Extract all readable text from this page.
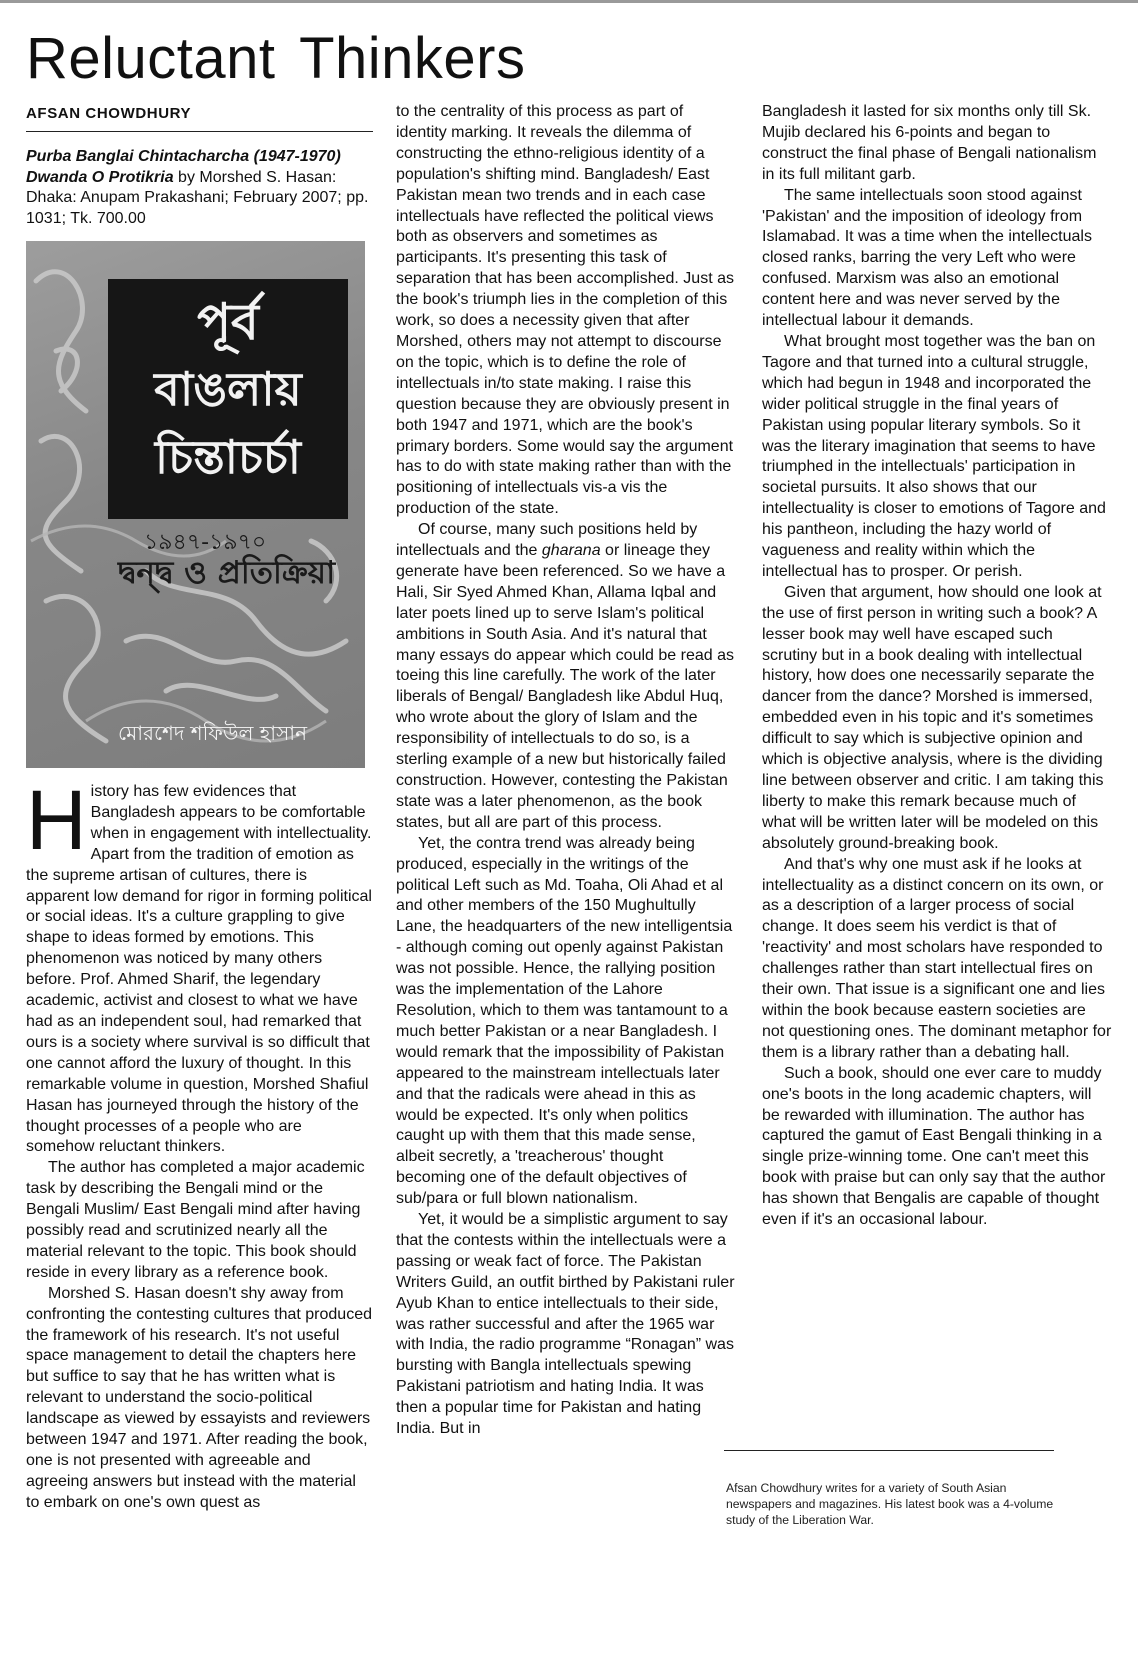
Reluctant Thinkers
AFSAN CHOWDHURY
Purba Banglai Chintacharcha (1947-1970) Dwanda O Protikria by Morshed S. Hasan: Dhaka: Anupam Prakashani; February 2007; pp. 1031; Tk. 700.00
পূর্ব
বাঙলায়
চিন্তাচর্চা
১৯৪৭-১৯৭০
দ্বন্দ্ব ও প্রতিক্রিয়া
মোরশেদ শফিউল হাসান

History has few evidences that Bangladesh appears to be comfortable when in engagement with intellectuality. Apart from the tradition of emotion as the supreme artisan of cultures, there is apparent low demand for rigor in forming political or social ideas. It's a culture grappling to give shape to ideas formed by emotions. This phenomenon was noticed by many others before. Prof. Ahmed Sharif, the legendary academic, activist and closest to what we have had as an independent soul, had remarked that ours is a society where survival is so difficult that one cannot afford the luxury of thought. In this remarkable volume in question, Morshed Shafiul Hasan has journeyed through the history of the thought processes of a people who are somehow reluctant thinkers.

The author has completed a major academic task by describing the Bengali mind or the Bengali Muslim/ East Bengali mind after having possibly read and scrutinized nearly all the material relevant to the topic. This book should reside in every library as a reference book.

Morshed S. Hasan doesn't shy away from confronting the contesting cultures that produced the framework of his research. It's not useful space management to detail the chapters here but suffice to say that he has written what is relevant to understand the socio-political landscape as viewed by essayists and reviewers between 1947 and 1971. After reading the book, one is not presented with agreeable and agreeing answers but instead with the material to embark on one's own quest as

to the centrality of this process as part of identity marking. It reveals the dilemma of constructing the ethno-religious identity of a population's shifting mind. Bangladesh/ East Pakistan mean two trends and in each case intellectuals have reflected the political views both as observers and sometimes as participants. It's presenting this task of separation that has been accomplished. Just as the book's triumph lies in the completion of this work, so does a necessity given that after Morshed, others may not attempt to discourse on the topic, which is to define the role of intellectuals in/to state making. I raise this question because they are obviously present in both 1947 and 1971, which are the book's primary borders. Some would say the argument has to do with state making rather than with the positioning of intellectuals vis-a vis the production of the state.

Of course, many such positions held by intellectuals and the gharana or lineage they generate have been referenced. So we have a Hali, Sir Syed Ahmed Khan, Allama Iqbal and later poets lined up to serve Islam's political ambitions in South Asia. And it's natural that many essays do appear which could be read as toeing this line carefully. The work of the later liberals of Bengal/ Bangladesh like Abdul Huq, who wrote about the glory of Islam and the responsibility of intellectuals to do so, is a sterling example of a new but historically failed construction. However, contesting the Pakistan state was a later phenomenon, as the book states, but all are part of this process.

Yet, the contra trend was already being produced, especially in the writings of the political Left such as Md. Toaha, Oli Ahad et al and other members of the 150 Mughultully Lane, the headquarters of the new intelligentsia - although coming out openly against Pakistan was not possible. Hence, the rallying position was the implementation of the Lahore Resolution, which to them was tantamount to a much better Pakistan or a near Bangladesh. I would remark that the impossibility of Pakistan appeared to the mainstream intellectuals later and that the radicals were ahead in this as would be expected. It's only when politics caught up with them that this made sense, albeit secretly, a 'treacherous' thought becoming one of the default objectives of sub/para or full blown nationalism.

Yet, it would be a simplistic argument to say that the contests within the intellectuals were a passing or weak fact of force. The Pakistan Writers Guild, an outfit birthed by Pakistani ruler Ayub Khan to entice intellectuals to their side, was rather successful and after the 1965 war with India, the radio programme “Ronagan” was bursting with Bangla intellectuals spewing Pakistani patriotism and hating India. It was then a popular time for Pakistan and hating India. But in

Bangladesh it lasted for six months only till Sk. Mujib declared his 6-points and began to construct the final phase of Bengali nationalism in its full militant garb.

The same intellectuals soon stood against 'Pakistan' and the imposition of ideology from Islamabad. It was a time when the intellectuals closed ranks, barring the very Left who were confused. Marxism was also an emotional content here and was never served by the intellectual labour it demands.

What brought most together was the ban on Tagore and that turned into a cultural struggle, which had begun in 1948 and incorporated the wider political struggle in the final years of Pakistan using popular literary symbols. So it was the literary imagination that seems to have triumphed in the intellectuals' participation in societal pursuits. It also shows that our intellectuality is closer to emotions of Tagore and his pantheon, including the hazy world of vagueness and reality within which the intellectual has to prosper. Or perish.

Given that argument, how should one look at the use of first person in writing such a book? A lesser book may well have escaped such scrutiny but in a book dealing with intellectual history, how does one necessarily separate the dancer from the dance? Morshed is immersed, embedded even in his topic and it's sometimes difficult to say which is subjective opinion and which is objective analysis, where is the dividing line between observer and critic. I am taking this liberty to make this remark because much of what will be written later will be modeled on this absolutely ground-breaking book.

And that's why one must ask if he looks at intellectuality as a distinct concern on its own, or as a description of a larger process of social change. It does seem his verdict is that of 'reactivity' and most scholars have responded to challenges rather than start intellectual fires on their own. That issue is a significant one and lies within the book because eastern societies are not questioning ones. The dominant metaphor for them is a library rather than a debating hall.

Such a book, should one ever care to muddy one's boots in the long academic chapters, will be rewarded with illumination. The author has captured the gamut of East Bengali thinking in a single prize-winning tome. One can't meet this book with praise but can only say that the author has shown that Bengalis are capable of thought even if it's an occasional labour.

Afsan Chowdhury writes for a variety of South Asian newspapers and magazines. His latest book was a 4-volume study of the Liberation War.
